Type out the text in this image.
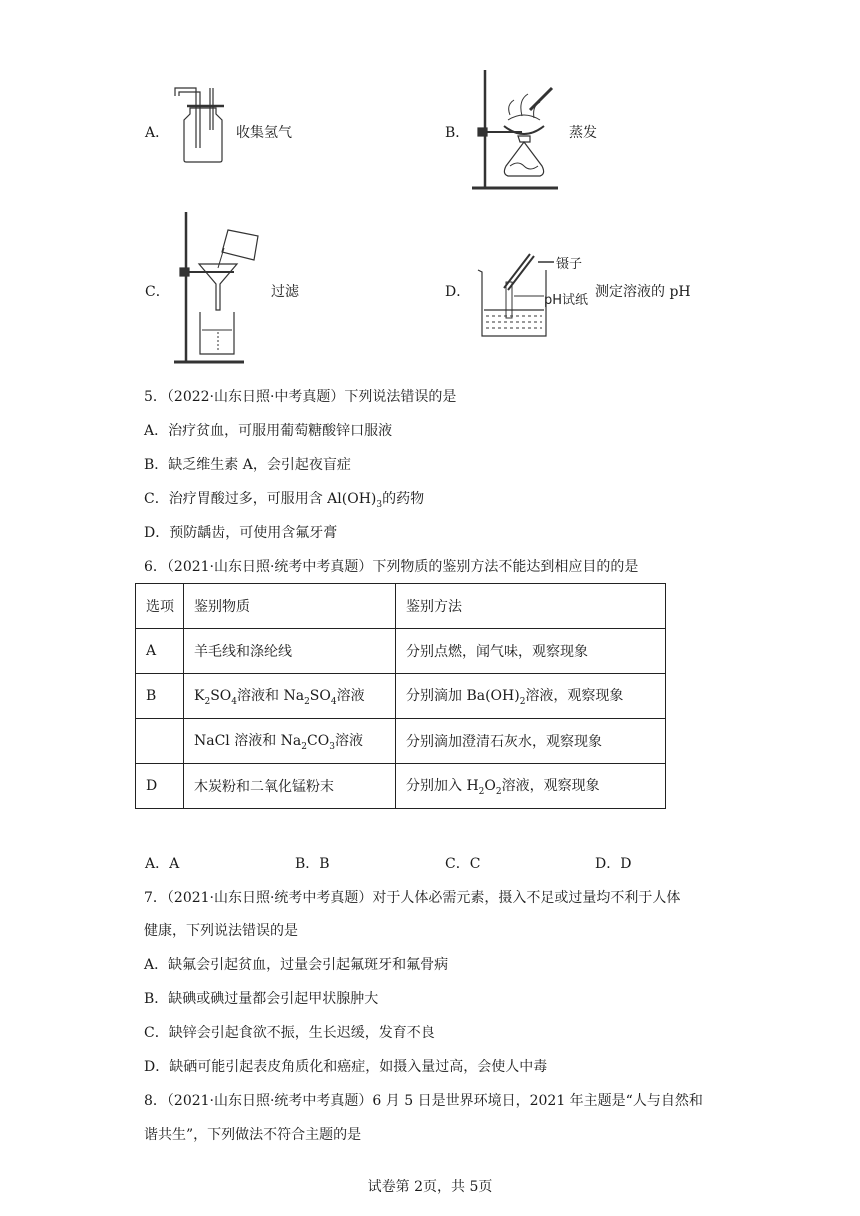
A．	收集氢气	B．	蒸发
C．	过滤	D．
镊子
pH试纸
测定溶液的 pH
5．（2022·山东日照·中考真题）下列说法错误的是
A．治疗贫血，可服用葡萄糖酸锌口服液
B．缺乏维生素 A，会引起夜盲症
C．治疗胃酸过多，可服用含 $Al(OH)_3$的药物
D．预防龋齿，可使用含氟牙膏
6．（2021·山东日照·统考中考真题）下列物质的鉴别方法不能达到相应目的的是
选项	鉴别物质	鉴别方法
A	羊毛线和涤纶线	分别点燃，闻气味，观察现象
B	$K_2SO_4$溶液和 $Na_2SO_4$溶液	分别滴加 $Ba(OH)_2$溶液，观察现象
	NaCl 溶液和 $Na_2CO_3$溶液	分别滴加澄清石灰水，观察现象
D	木炭粉和二氧化锰粉末	分别加入 $H_2O_2$溶液，观察现象
A．A	B．B	C．C	D．D
7．（2021·山东日照·统考中考真题）对于人体必需元素，摄入不足或过量均不利于人体
健康，下列说法错误的是
A．缺氟会引起贫血，过量会引起氟斑牙和氟骨病
B．缺碘或碘过量都会引起甲状腺肿大
C．缺锌会引起食欲不振，生长迟缓，发育不良
D．缺硒可能引起表皮角质化和癌症，如摄入量过高，会使人中毒
8．（2021·山东日照·统考中考真题）6 月 5 日是世界环境日，2021 年主题是“人与自然和
谐共生”，下列做法不符合主题的是
试卷第 2页，共 5页
